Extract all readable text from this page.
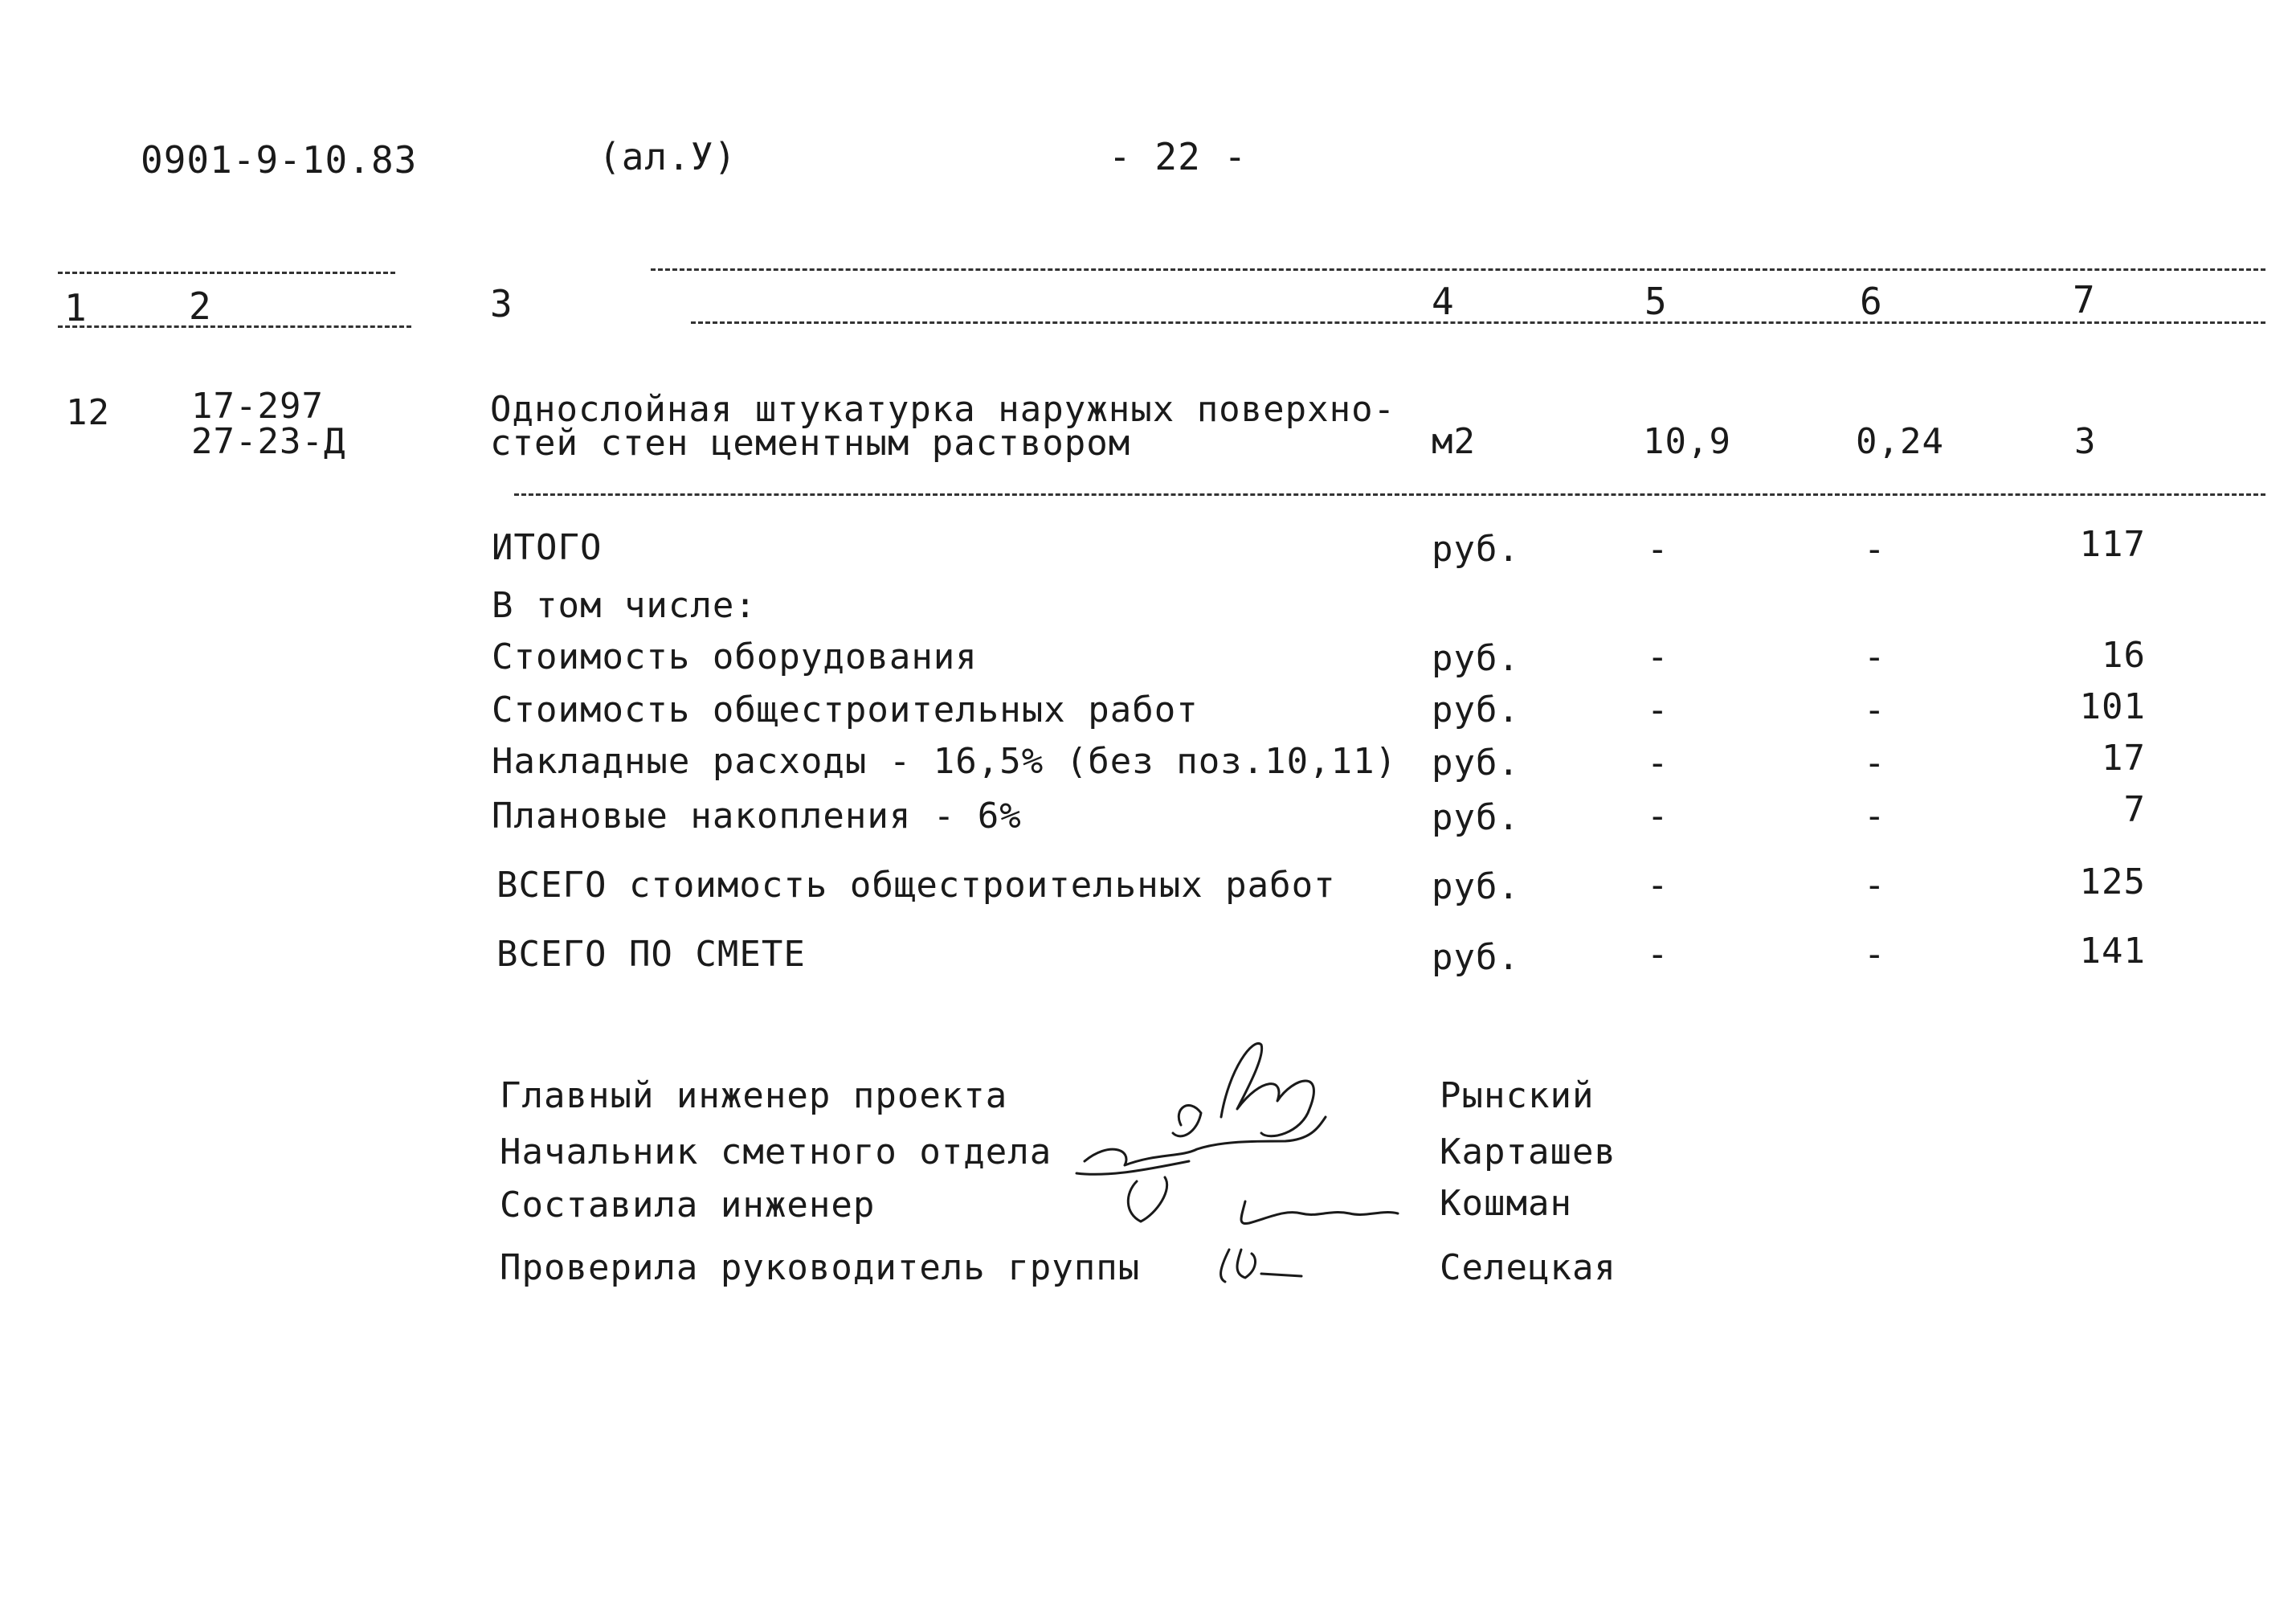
0901-9-10.83	(ал.У)	- 22 -
1	2	3	4	5	6	7
12 17-297
27-23-Д
Однослойная штукатурка наружных поверхно-
стей стен цементным раствором	м2	10,9	0,24	3
ИТОГО	руб.	-	-	117
В том числе:
Стоимость оборудования	руб.	-	-	16
Стоимость общестроительных работ	руб.	-	-	101
Накладные расходы - 16,5% (без поз.10,11) руб.	-	-	17
Плановые накопления - 6%	руб.	-	-	7
ВСЕГО стоимость общестроительных работ	руб.	-	-	125
ВСЕГО ПО СМЕТЕ	руб.	-	-	141
Главный инженер проекта	Рынский
Начальник сметного отдела	Карташев
Составила инженер	Кошман
Проверила руководитель группы	Селецкая
